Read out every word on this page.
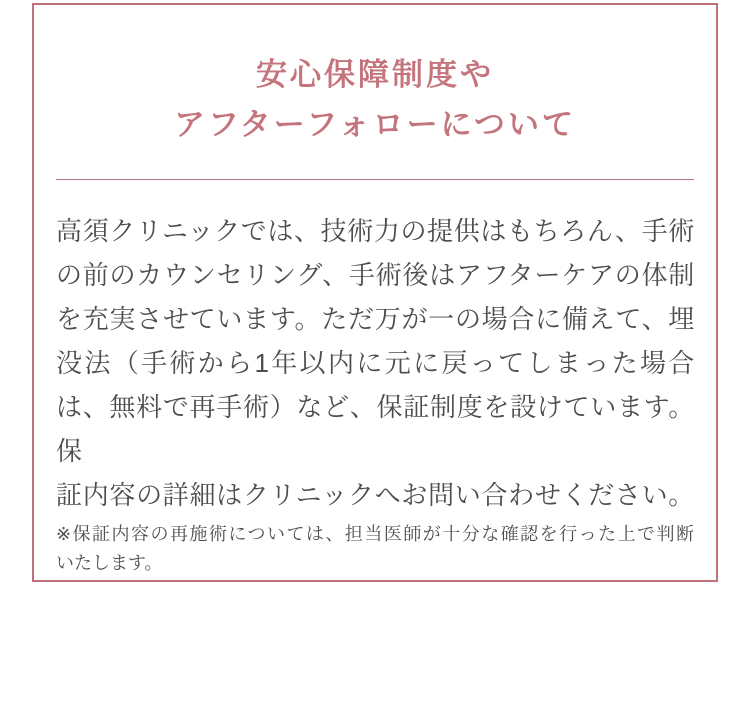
安心保障制度や
アフターフォローについて
高須クリニックでは、技術力の提供はもちろん、手術
の前のカウンセリング、手術後はアフターケアの体制
を充実させています。ただ万が一の場合に備えて、埋
没法（手術から1年以内に元に戻ってしまった場合
は、無料で再手術）など、保証制度を設けています。保
証内容の詳細はクリニックへお問い合わせください。
※保証内容の再施術については、担当医師が十分な確認を行った上で判断
いたします。
